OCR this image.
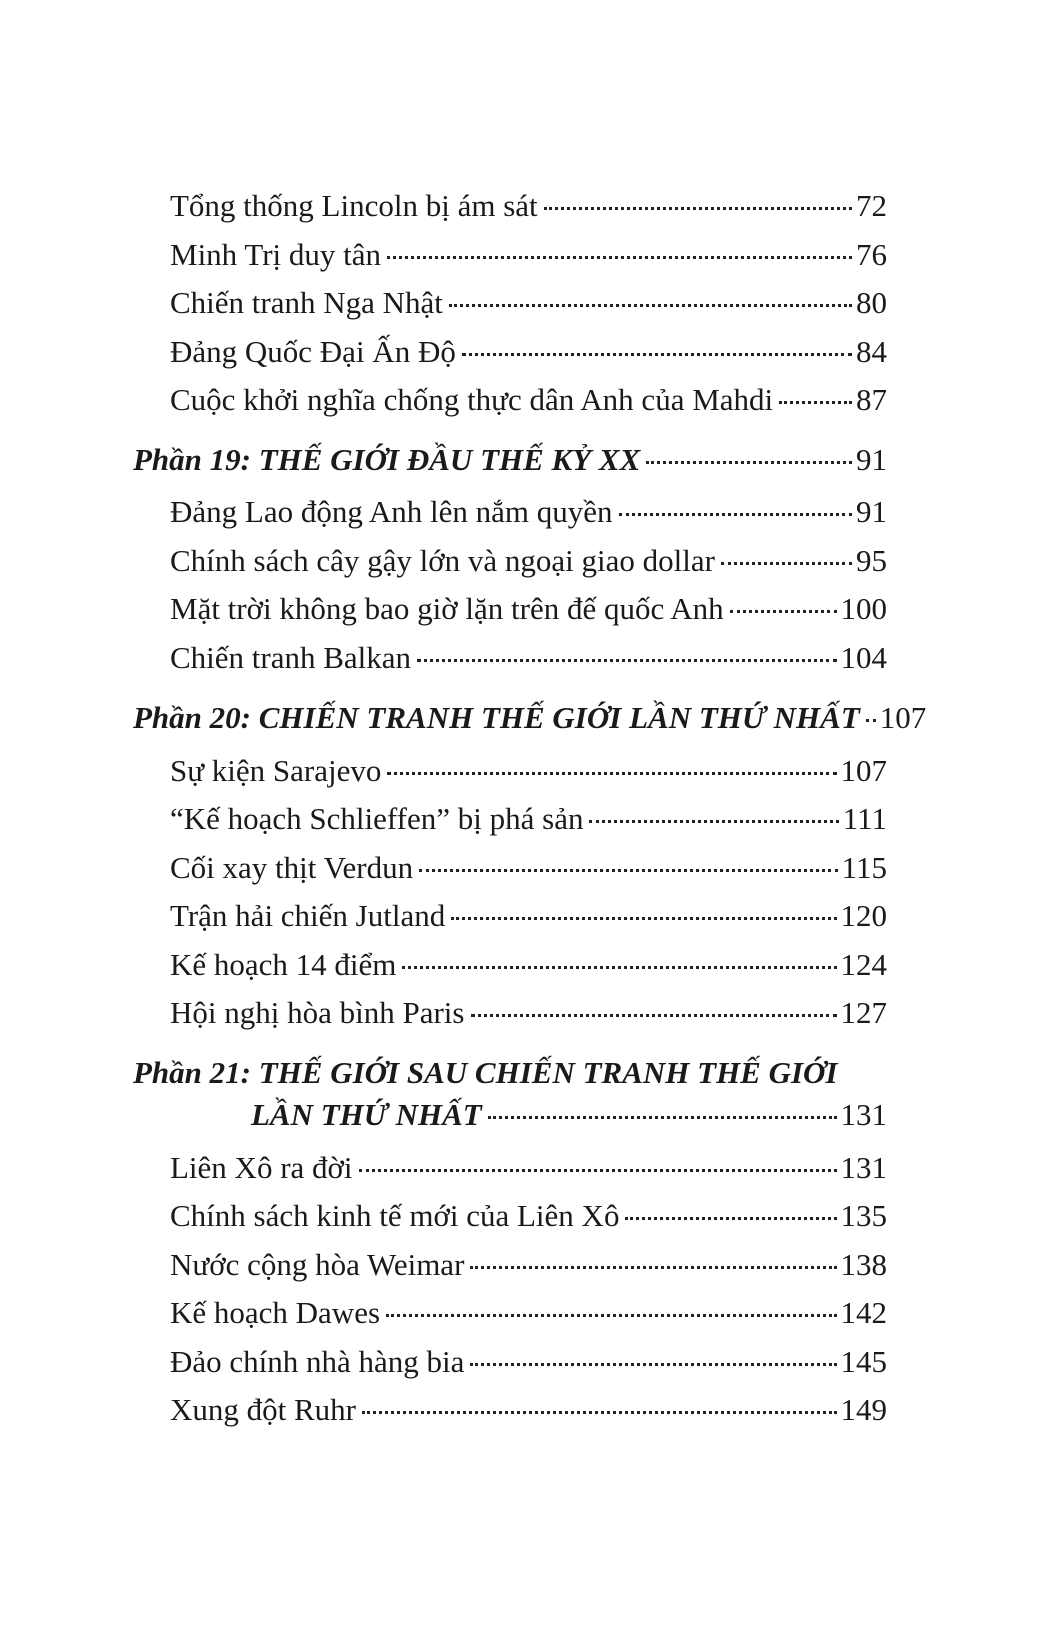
Tổng thống Lincoln bị ám sát	72
Minh Trị duy tân	76
Chiến tranh Nga Nhật	80
Đảng Quốc Đại Ấn Độ	84
Cuộc khởi nghĩa chống thực dân Anh của Mahdi	87
Phần 19: THẾ GIỚI ĐẦU THẾ KỶ XX	91
Đảng Lao động Anh lên nắm quyền	91
Chính sách cây gậy lớn và ngoại giao dollar	95
Mặt trời không bao giờ lặn trên đế quốc Anh	100
Chiến tranh Balkan	104
Phần 20: CHIẾN TRANH THẾ GIỚI LẦN THỨ NHẤT 107
Sự kiện Sarajevo	107
“Kế hoạch Schlieffen” bị phá sản	111
Cối xay thịt Verdun	115
Trận hải chiến Jutland	120
Kế hoạch 14 điểm	124
Hội nghị hòa bình Paris	127
Phần 21: THẾ GIỚI SAU CHIẾN TRANH THẾ GIỚI
LẦN THỨ NHẤT	131
Liên Xô ra đời	131
Chính sách kinh tế mới của Liên Xô	135
Nước cộng hòa Weimar	138
Kế hoạch Dawes	142
Đảo chính nhà hàng bia	145
Xung đột Ruhr	149
